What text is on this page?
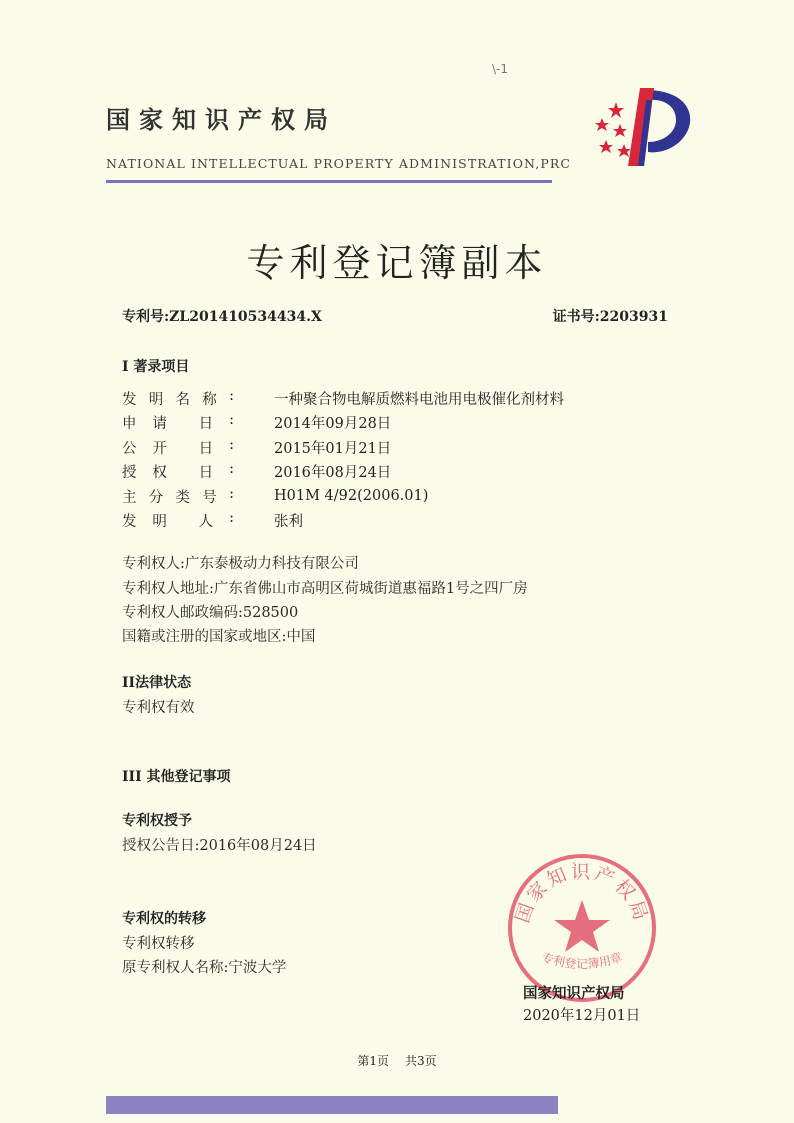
国家知识产权局
NATIONAL INTELLECTUAL PROPERTY ADMINISTRATION,PRC
\-1
专利登记簿副本
专利号:ZL201410534434.X	证书号:2203931
I 著录项目
发 明 名 称 :	一种聚合物电解质燃料电池用电极催化剂材料
申 请 日 :	2014年09月28日
公 开 日 :	2015年01月21日
授 权 日 :	2016年08月24日
主 分 类 号 :	H01M 4/92(2006.01)
发 明 人 :	张利
专利权人:广东泰极动力科技有限公司
专利权人地址:广东省佛山市高明区荷城街道惠福路1号之四厂房
专利权人邮政编码:528500
国籍或注册的国家或地区:中国
II法律状态
专利权有效
III 其他登记事项
专利权授予
授权公告日:2016年08月24日
专利权的转移
专利权转移
原专利权人名称:宁波大学
国家知识产权局
专利登记簿用章
国家知识产权局
2020年12月01日
第1页 共3页
